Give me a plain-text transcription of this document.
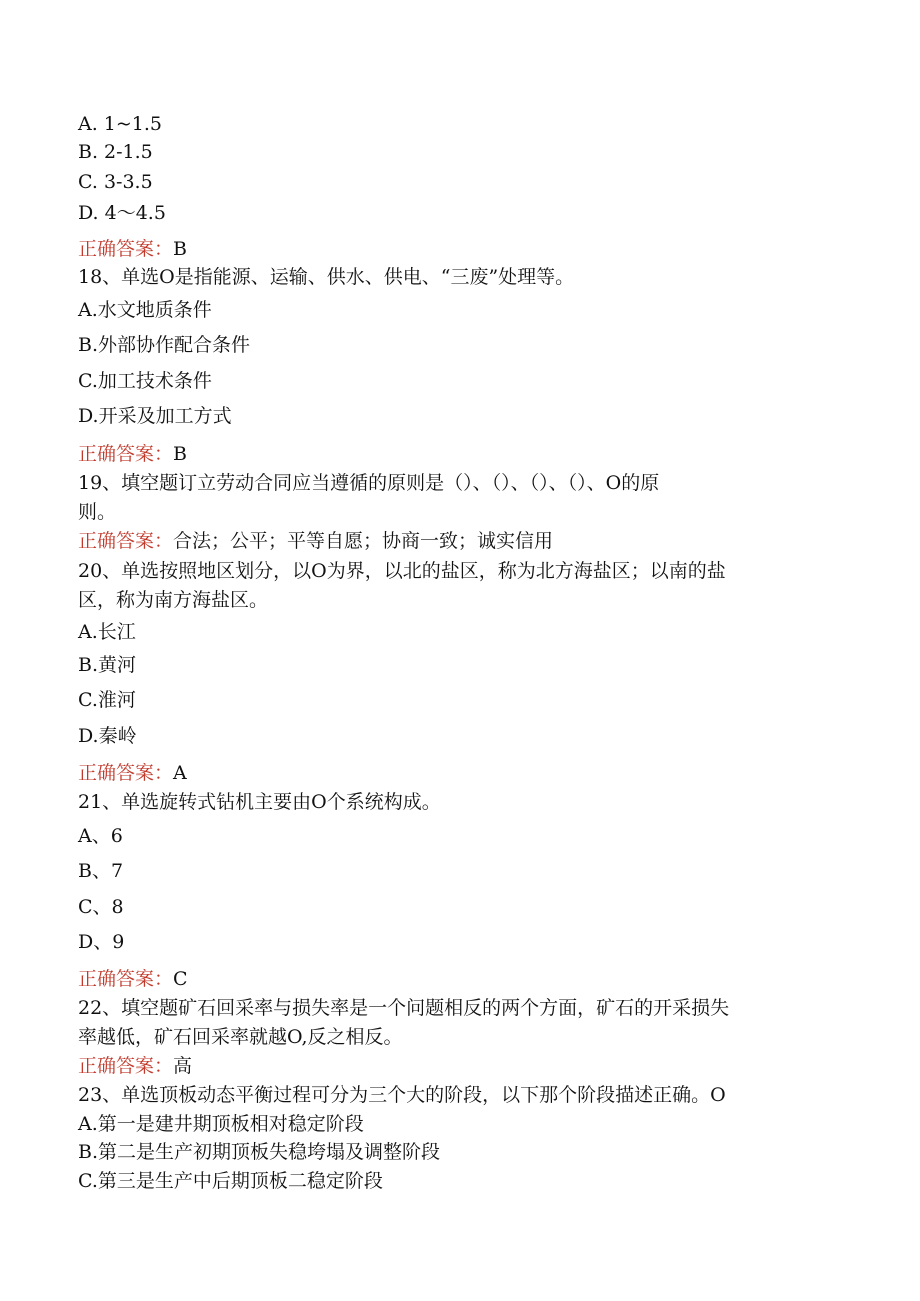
A. 1~1.5
B. 2-1.5
C. 3-3.5
D. 4～4.5
正确答案：B
18、单选O是指能源、运输、供水、供电、“三废”处理等。
A.水文地质条件
B.外部协作配合条件
C.加工技术条件
D.开采及加工方式
正确答案：B
19、填空题订立劳动合同应当遵循的原则是（）、（）、（）、（）、O的原
则。
正确答案：合法；公平；平等自愿；协商一致；诚实信用
20、单选按照地区划分，以O为界，以北的盐区，称为北方海盐区；以南的盐
区，称为南方海盐区。
A.长江
B.黄河
C.淮河
D.秦岭
正确答案：A
21、单选旋转式钻机主要由O个系统构成。
A、6
B、7
C、8
D、9
正确答案：C
22、填空题矿石回采率与损失率是一个问题相反的两个方面，矿石的开采损失
率越低，矿石回采率就越O,反之相反。
正确答案：高
23、单选顶板动态平衡过程可分为三个大的阶段，以下那个阶段描述正确。O
A.第一是建井期顶板相对稳定阶段
B.第二是生产初期顶板失稳垮塌及调整阶段
C.第三是生产中后期顶板二稳定阶段
